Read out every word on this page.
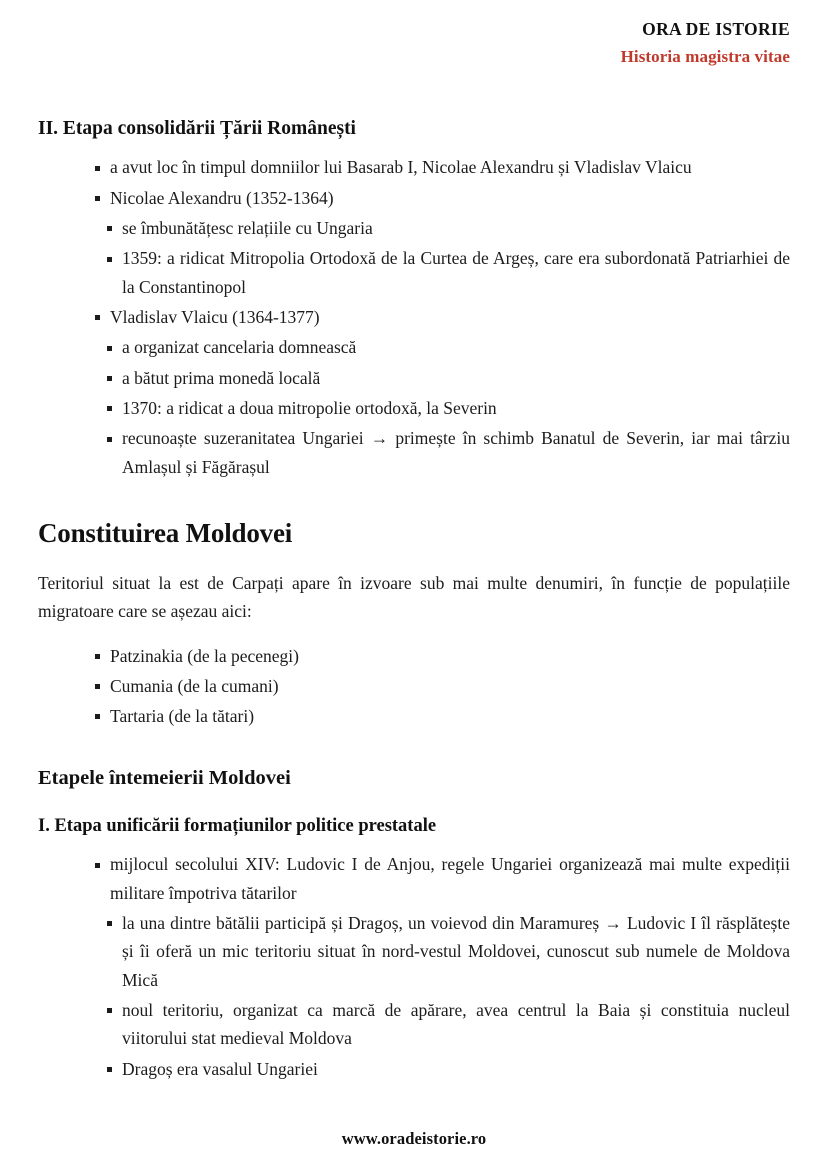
ORA DE ISTORIE
Historia magistra vitae
II. Etapa consolidării Țării Românești
a avut loc în timpul domniilor lui Basarab I, Nicolae Alexandru și Vladislav Vlaicu
Nicolae Alexandru (1352-1364)
se îmbunătățesc relațiile cu Ungaria
1359: a ridicat Mitropolia Ortodoxă de la Curtea de Argeș, care era subordonată Patriarhiei de la Constantinopol
Vladislav Vlaicu (1364-1377)
a organizat cancelaria domnească
a bătut prima monedă locală
1370: a ridicat a doua mitropolie ortodoxă, la Severin
recunoaște suzeranitatea Ungariei → primește în schimb Banatul de Severin, iar mai târziu Amlașul și Făgărașul
Constituirea Moldovei

Teritoriul situat la est de Carpați apare în izvoare sub mai multe denumiri, în funcție de populațiile migratoare care se așezau aici:

Patzinakia (de la pecenegi)
Cumania (de la cumani)
Tartaria (de la tătari)
Etapele întemeierii Moldovei
I. Etapa unificării formațiunilor politice prestatale
mijlocul secolului XIV: Ludovic I de Anjou, regele Ungariei organizează mai multe expediții militare împotriva tătarilor
la una dintre bătălii participă și Dragoș, un voievod din Maramureș → Ludovic I îl răsplătește și îi oferă un mic teritoriu situat în nord-vestul Moldovei, cunoscut sub numele de Moldova Mică
noul teritoriu, organizat ca marcă de apărare, avea centrul la Baia și constituia nucleul viitorului stat medieval Moldova
Dragoș era vasalul Ungariei
www.oradeistorie.ro
